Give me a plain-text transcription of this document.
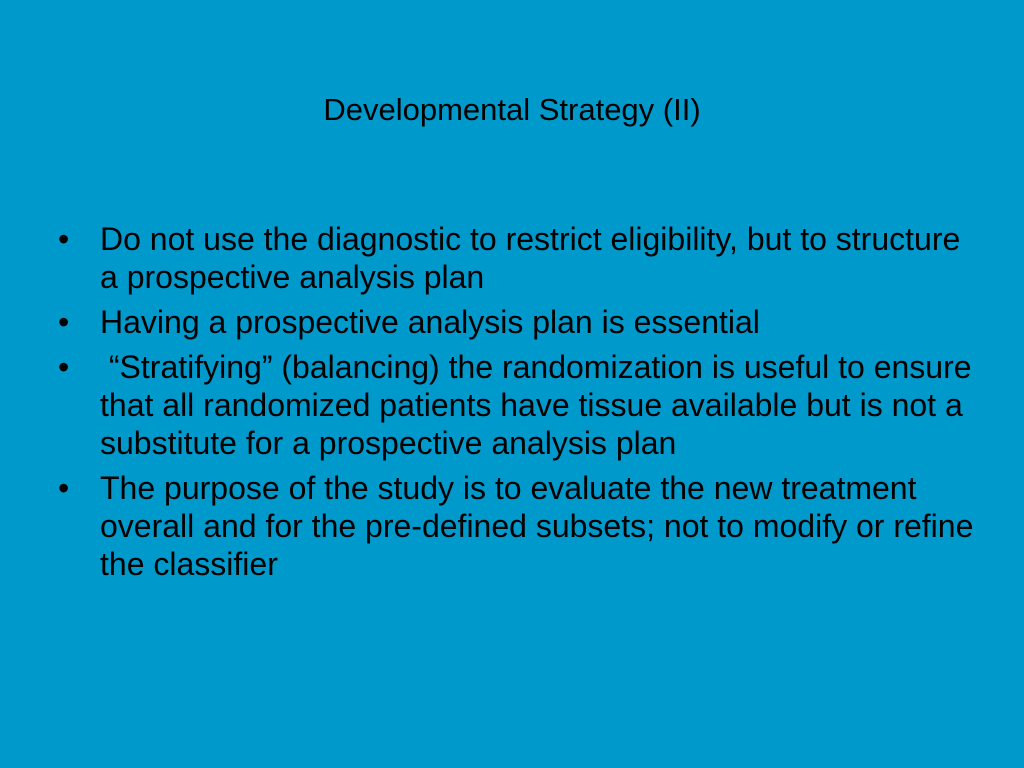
Developmental Strategy (II)
• Do not use the diagnostic to restrict eligibility, but to structure a prospective analysis plan
• Having a prospective analysis plan is essential
• “Stratifying” (balancing) the randomization is useful to ensure that all randomized patients have tissue available but is not a substitute for a prospective analysis plan
• The purpose of the study is to evaluate the new treatment overall and for the pre-defined subsets; not to modify or refine the classifier
